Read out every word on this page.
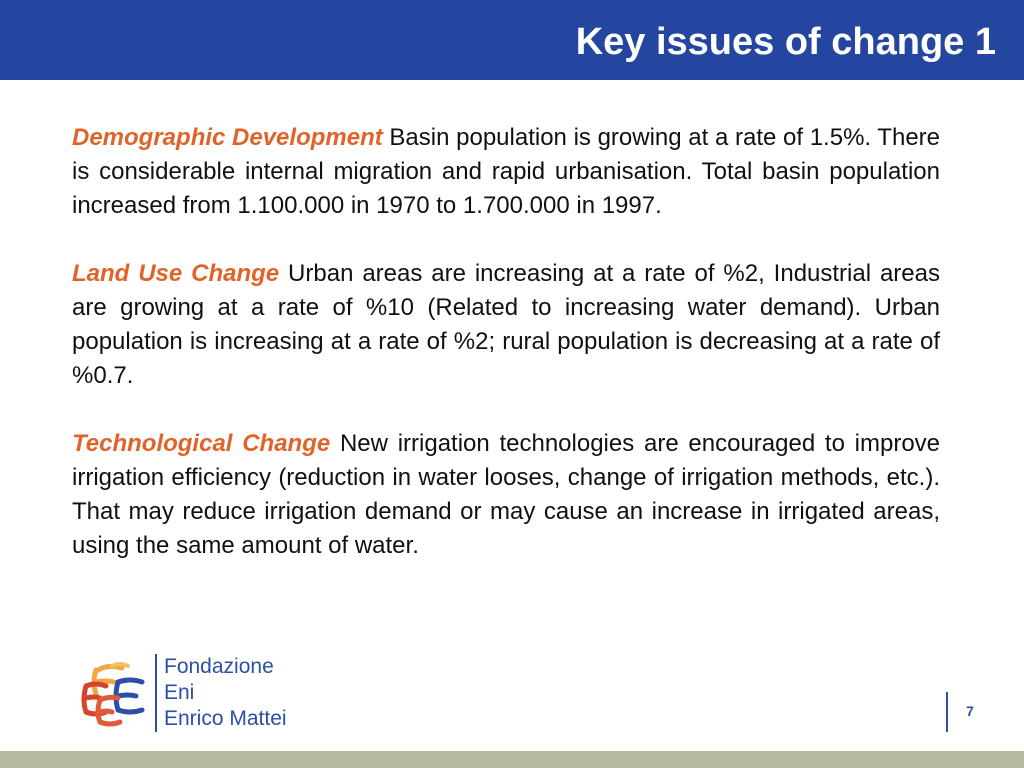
Key issues of change 1

Demographic Development Basin population is growing at a rate of 1.5%. There is considerable internal migration and rapid urbanisation. Total basin population increased from 1.100.000 in 1970 to 1.700.000 in 1997.

Land Use Change Urban areas are increasing at a rate of %2, Industrial areas are growing at a rate of %10 (Related to increasing water demand). Urban population is increasing at a rate of %2; rural population is decreasing at a rate of %0.7.

Technological Change New irrigation technologies are encouraged to improve irrigation efficiency (reduction in water looses, change of irrigation methods, etc.). That may reduce irrigation demand or may cause an increase in irrigated areas, using the same amount of water.

Fondazione
Eni
Enrico Mattei	7
